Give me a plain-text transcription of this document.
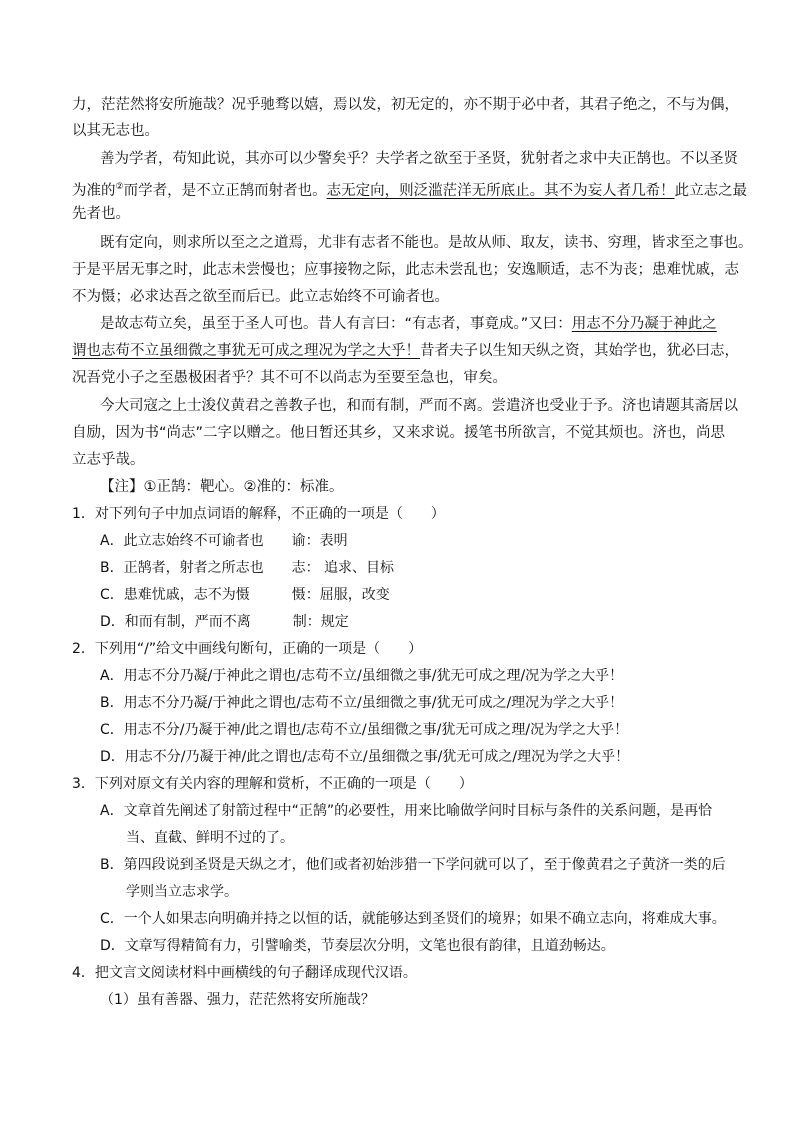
力，茫茫然将安所施哉？况乎驰骛以嬉，焉以发，初无定的，亦不期于必中者，其君子绝之，不与为偶，
以其无志也。
善为学者，苟知此说，其亦可以少警矣乎？夫学者之欲至于圣贤，犹射者之求中夫正鹄也。不以圣贤
为准的②而学者，是不立正鹄而射者也。志无定向，则泛滥茫洋无所底止。其不为妄人者几希！此立志之最
先者也。
既有定向，则求所以至之之道焉，尤非有志者不能也。是故从师、取友，读书、穷理，皆求至之事也。
于是平居无事之时，此志未尝慢也；应事接物之际，此志未尝乱也；安逸顺适，志不为丧；患难忧戚，志
不为慑；必求达吾之欲至而后已。此立志始终不可谕者也。
是故志苟立矣，虽至于圣人可也。昔人有言曰：“有志者，事竟成。”又曰：用志不分乃凝于神此之
谓也志苟不立虽细微之事犹无可成之理况为学之大乎！昔者夫子以生知天纵之资，其始学也，犹必曰志，
况吾党小子之至愚极困者乎？其不可不以尚志为至要至急也，审矣。
今大司寇之上士浚仪黄君之善教子也，和而有制，严而不离。尝遣济也受业于予。济也请题其斋居以
自励，因为书“尚志”二字以赠之。他日暂还其乡，又来求说。援笔书所欲言，不觉其烦也。济也，尚思
立志乎哉。
【注】①正鹄：靶心。②准的：标准。
1．对下列句子中加点词语的解释，不正确的一项是（　　）
A．此立志始终不可谕者也　　谕：表明
B．正鹄者，射者之所志也　　志： 追求、目标
C．患难忧戚，志不为慑　　　慑：屈服，改变
D．和而有制，严而不离　　　制：规定
2．下列用“/”给文中画线句断句，正确的一项是（　　）
A．用志不分乃凝/于神此之谓也/志苟不立/虽细微之事/犹无可成之理/况为学之大乎！
B．用志不分乃凝/于神此之谓也/志苟不立/虽细微之事/犹无可成之/理况为学之大乎！
C．用志不分/乃凝于神/此之谓也/志苟不立/虽细微之事/犹无可成之理/况为学之大乎！
D．用志不分/乃凝于神/此之谓也/志苟不立/虽细微之事/犹无可成之/理况为学之大乎！
3．下列对原文有关内容的理解和赏析，不正确的一项是（　　）
A．文章首先阐述了射箭过程中“正鹄”的必要性，用来比喻做学问时目标与条件的关系问题，是再恰
当、直截、鲜明不过的了。
B．第四段说到圣贤是天纵之才，他们或者初始涉猎一下学问就可以了，至于像黄君之子黄济一类的后
学则当立志求学。
C．一个人如果志向明确并持之以恒的话，就能够达到圣贤们的境界；如果不确立志向，将难成大事。
D．文章写得精简有力，引譬喻类，节奏层次分明，文笔也很有韵律，且道劲畅达。
4．把文言文阅读材料中画横线的句子翻译成现代汉语。
（1）虽有善器、强力，茫茫然将安所施哉？
